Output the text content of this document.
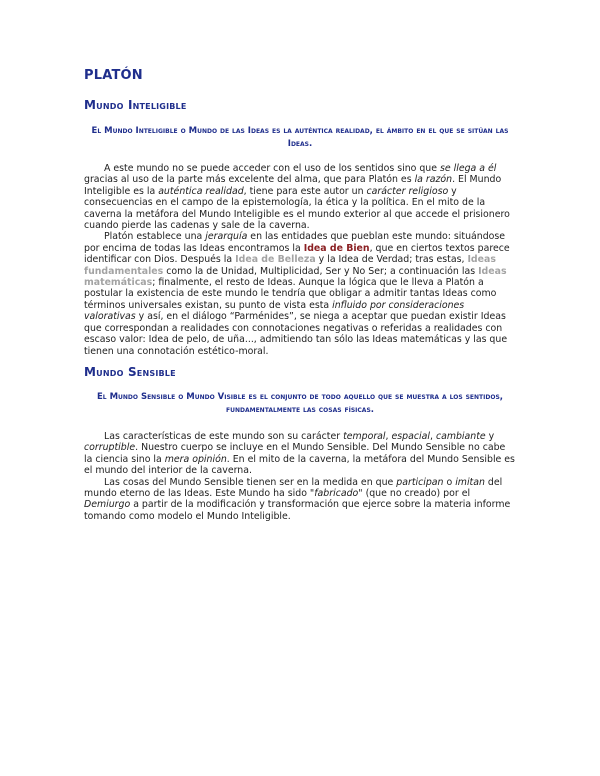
PLATÓN
Mundo Inteligible
El Mundo Inteligible o Mundo de las Ideas es la auténtica realidad, el ámbito en el que se sitúan las Ideas.

A este mundo no se puede acceder con el uso de los sentidos sino que se llega a él gracias al uso de la parte más excelente del alma, que para Platón es la razón. El Mundo Inteligible es la auténtica realidad, tiene para este autor un carácter religioso y consecuencias en el campo de la epistemología, la ética y la política. En el mito de la caverna la metáfora del Mundo Inteligible es el mundo exterior al que accede el prisionero cuando pierde las cadenas y sale de la caverna.

Platón establece una jerarquía en las entidades que pueblan este mundo: situándose por encima de todas las Ideas encontramos la Idea de Bien, que en ciertos textos parece identificar con Dios. Después la Idea de Belleza y la Idea de Verdad; tras estas, Ideas fundamentales como la de Unidad, Multiplicidad, Ser y No Ser; a continuación las Ideas matemáticas; finalmente, el resto de Ideas. Aunque la lógica que le lleva a Platón a postular la existencia de este mundo le tendría que obligar a admitir tantas Ideas como términos universales existan, su punto de vista esta influido por consideraciones valorativas y así, en el diálogo “Parménides”, se niega a aceptar que puedan existir Ideas que correspondan a realidades con connotaciones negativas o referidas a realidades con escaso valor: Idea de pelo, de uña..., admitiendo tan sólo las Ideas matemáticas y las que tienen una connotación estético-moral.

Mundo Sensible
El Mundo Sensible o Mundo Visible es el conjunto de todo aquello que se muestra a los sentidos, fundamentalmente las cosas físicas.

Las características de este mundo son su carácter temporal, espacial, cambiante y corruptible. Nuestro cuerpo se incluye en el Mundo Sensible. Del Mundo Sensible no cabe la ciencia sino la mera opinión. En el mito de la caverna, la metáfora del Mundo Sensible es el mundo del interior de la caverna.

Las cosas del Mundo Sensible tienen ser en la medida en que participan o imitan del mundo eterno de las Ideas. Este Mundo ha sido "fabricado" (que no creado) por el Demiurgo a partir de la modificación y transformación que ejerce sobre la materia informe tomando como modelo el Mundo Inteligible.
